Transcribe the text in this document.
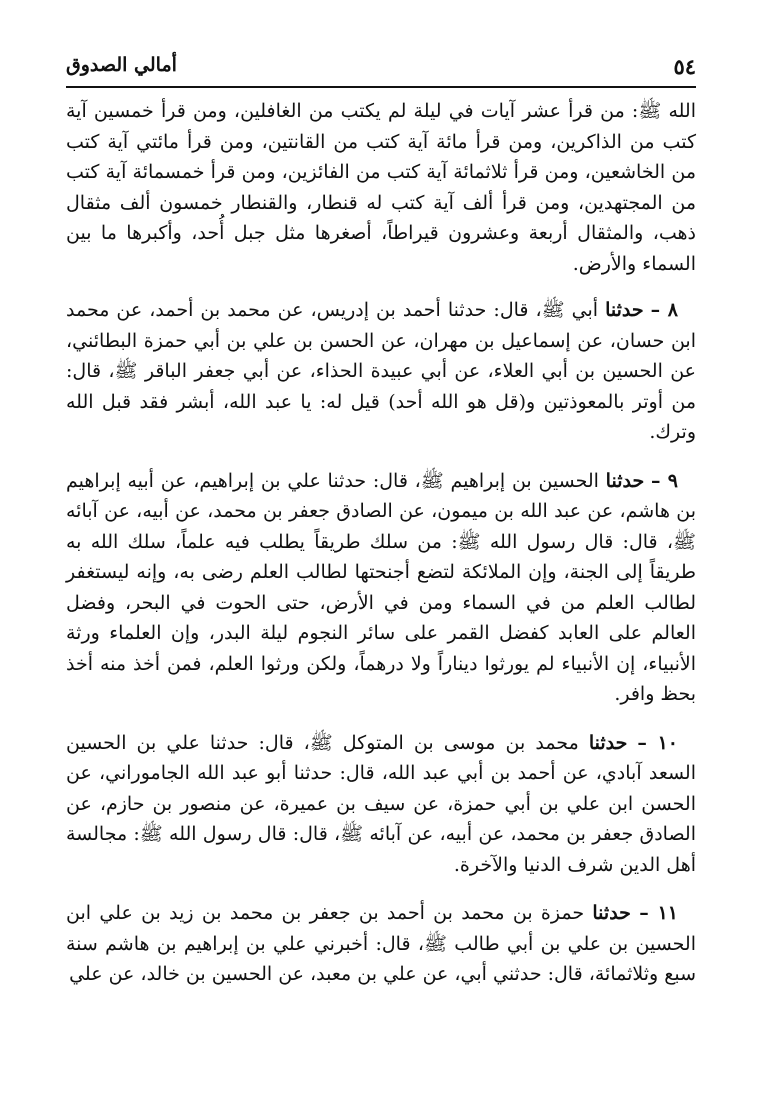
أمالي الصدوق	٥٤

الله ﷺ: من قرأ عشر آيات في ليلة لم يكتب من الغافلين، ومن قرأ خمسين آية كتب من الذاكرين، ومن قرأ مائة آية كتب من القانتين، ومن قرأ مائتي آية كتب من الخاشعين، ومن قرأ ثلاثمائة آية كتب من الفائزين، ومن قرأ خمسمائة آية كتب من المجتهدين، ومن قرأ ألف آية كتب له قنطار، والقنطار خمسون ألف مثقال ذهب، والمثقال أربعة وعشرون قيراطاً، أصغرها مثل جبل أُحد، وأكبرها ما بين السماء والأرض.

٨ – حدثنا أبي ﷺ، قال: حدثنا أحمد بن إدريس، عن محمد بن أحمد، عن محمد ابن حسان، عن إسماعيل بن مهران، عن الحسن بن علي بن أبي حمزة البطائني، عن الحسين بن أبي العلاء، عن أبي عبيدة الحذاء، عن أبي جعفر الباقر ﷺ، قال: من أوتر بالمعوذتين و(قل هو الله أحد) قيل له: يا عبد الله، أبشر فقد قبل الله وترك.

٩ – حدثنا الحسين بن إبراهيم ﷺ، قال: حدثنا علي بن إبراهيم، عن أبيه إبراهيم بن هاشم، عن عبد الله بن ميمون، عن الصادق جعفر بن محمد، عن أبيه، عن آبائه ﷺ، قال: قال رسول الله ﷺ: من سلك طريقاً يطلب فيه علماً، سلك الله به طريقاً إلى الجنة، وإن الملائكة لتضع أجنحتها لطالب العلم رضى به، وإنه ليستغفر لطالب العلم من في السماء ومن في الأرض، حتى الحوت في البحر، وفضل العالم على العابد كفضل القمر على سائر النجوم ليلة البدر، وإن العلماء ورثة الأنبياء، إن الأنبياء لم يورثوا ديناراً ولا درهماً، ولكن ورثوا العلم، فمن أخذ منه أخذ بحظ وافر.

١٠ – حدثنا محمد بن موسى بن المتوكل ﷺ، قال: حدثنا علي بن الحسين السعد آبادي، عن أحمد بن أبي عبد الله، قال: حدثنا أبو عبد الله الجاموراني، عن الحسن ابن علي بن أبي حمزة، عن سيف بن عميرة، عن منصور بن حازم، عن الصادق جعفر بن محمد، عن أبيه، عن آبائه ﷺ، قال: قال رسول الله ﷺ: مجالسة أهل الدين شرف الدنيا والآخرة.

١١ – حدثنا حمزة بن محمد بن أحمد بن جعفر بن محمد بن زيد بن علي ابن الحسين بن علي بن أبي طالب ﷺ، قال: أخبرني علي بن إبراهيم بن هاشم سنة سبع وثلاثمائة، قال: حدثني أبي، عن علي بن معبد، عن الحسين بن خالد، عن علي
